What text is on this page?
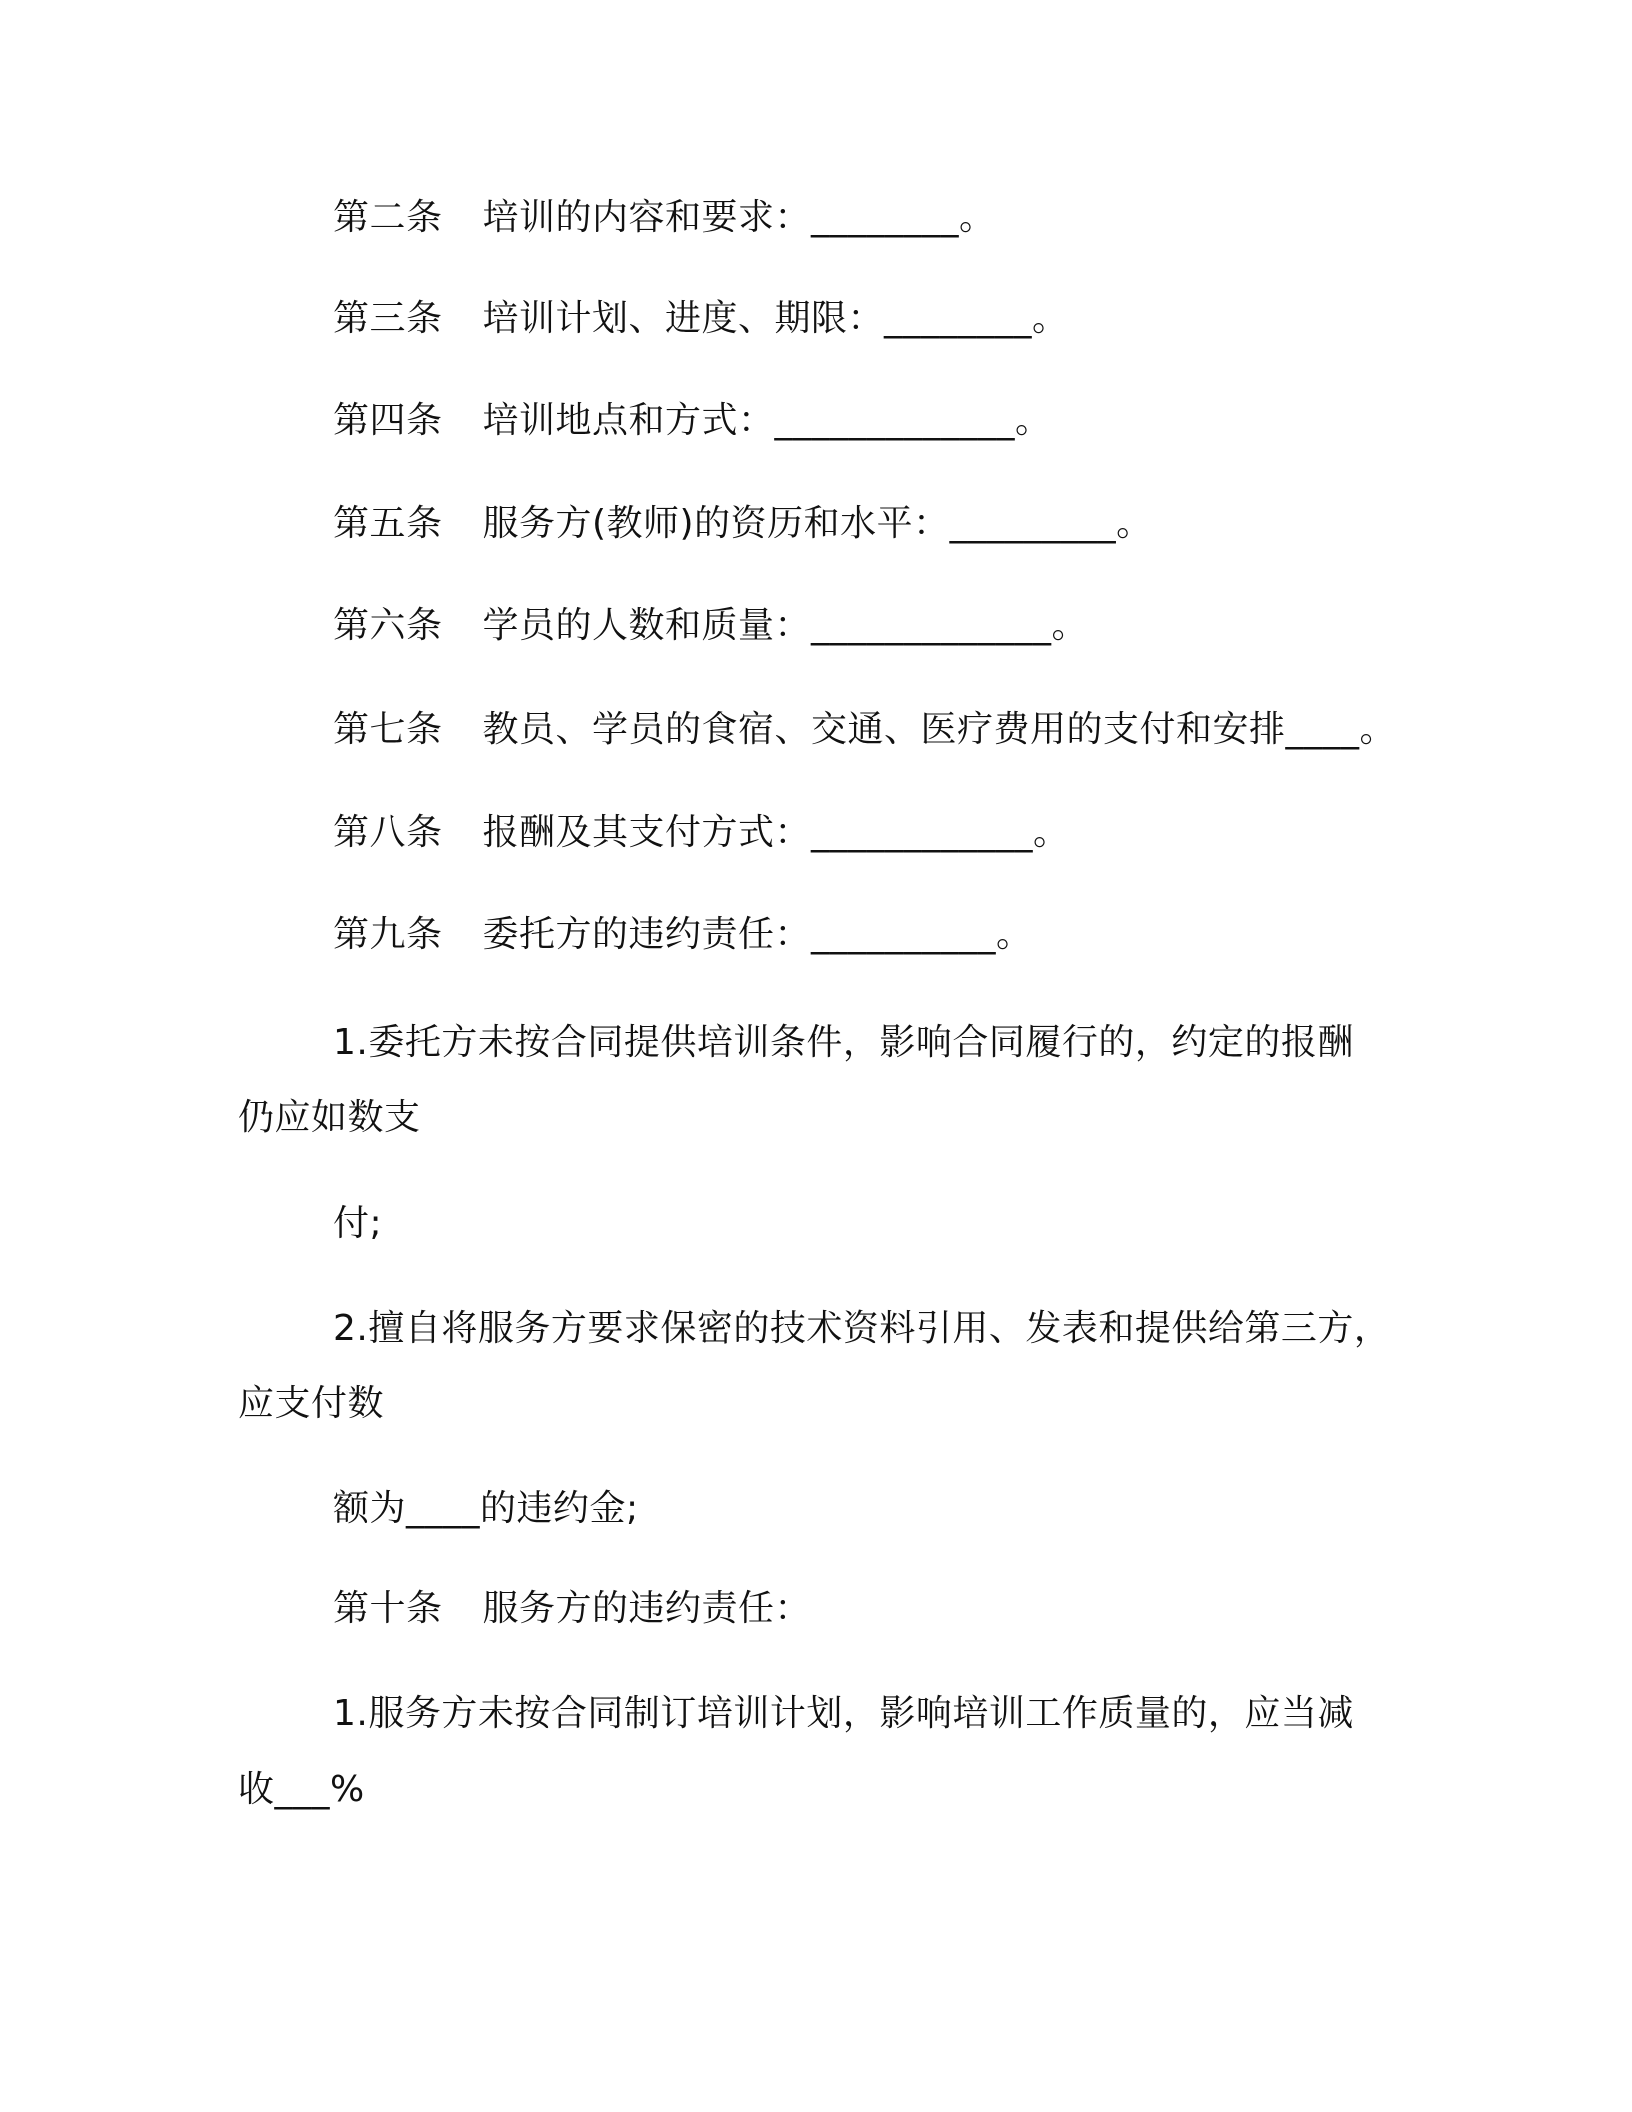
第二条 培训的内容和要求：________。
第三条 培训计划、进度、期限：________。
第四条 培训地点和方式：_____________。
第五条 服务方(教师)的资历和水平：_________。
第六条 学员的人数和质量：_____________。
第七条 教员、学员的食宿、交通、医疗费用的支付和安排____。
第八条 报酬及其支付方式：____________。
第九条 委托方的违约责任：__________。
1.委托方未按合同提供培训条件，影响合同履行的，约定的报酬
仍应如数支
付;
2.擅自将服务方要求保密的技术资料引用、发表和提供给第三方，
应支付数
额为____的违约金;
第十条 服务方的违约责任：
1.服务方未按合同制订培训计划，影响培训工作质量的，应当减
收___%
